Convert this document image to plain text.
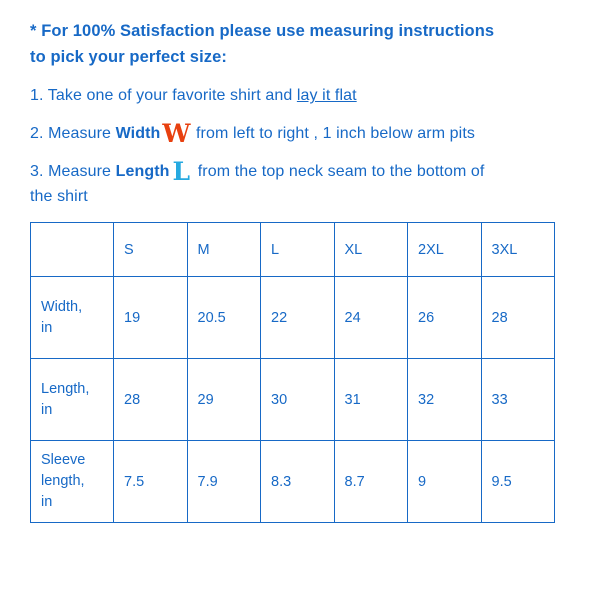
* For 100% Satisfaction please use measuring instructions
to pick your perfect size:
1. Take one of your favorite shirt and lay it flat
2. Measure WidthW from left to right , 1 inch below arm pits
3. Measure Length L from the top neck seam to the bottom of
the shirt
	S	M	L	XL	2XL	3XL
Width,
in	19	20.5	22	24	26	28
Length,
in	28	29	30	31	32	33
Sleeve
length,
in	7.5	7.9	8.3	8.7	9	9.5
